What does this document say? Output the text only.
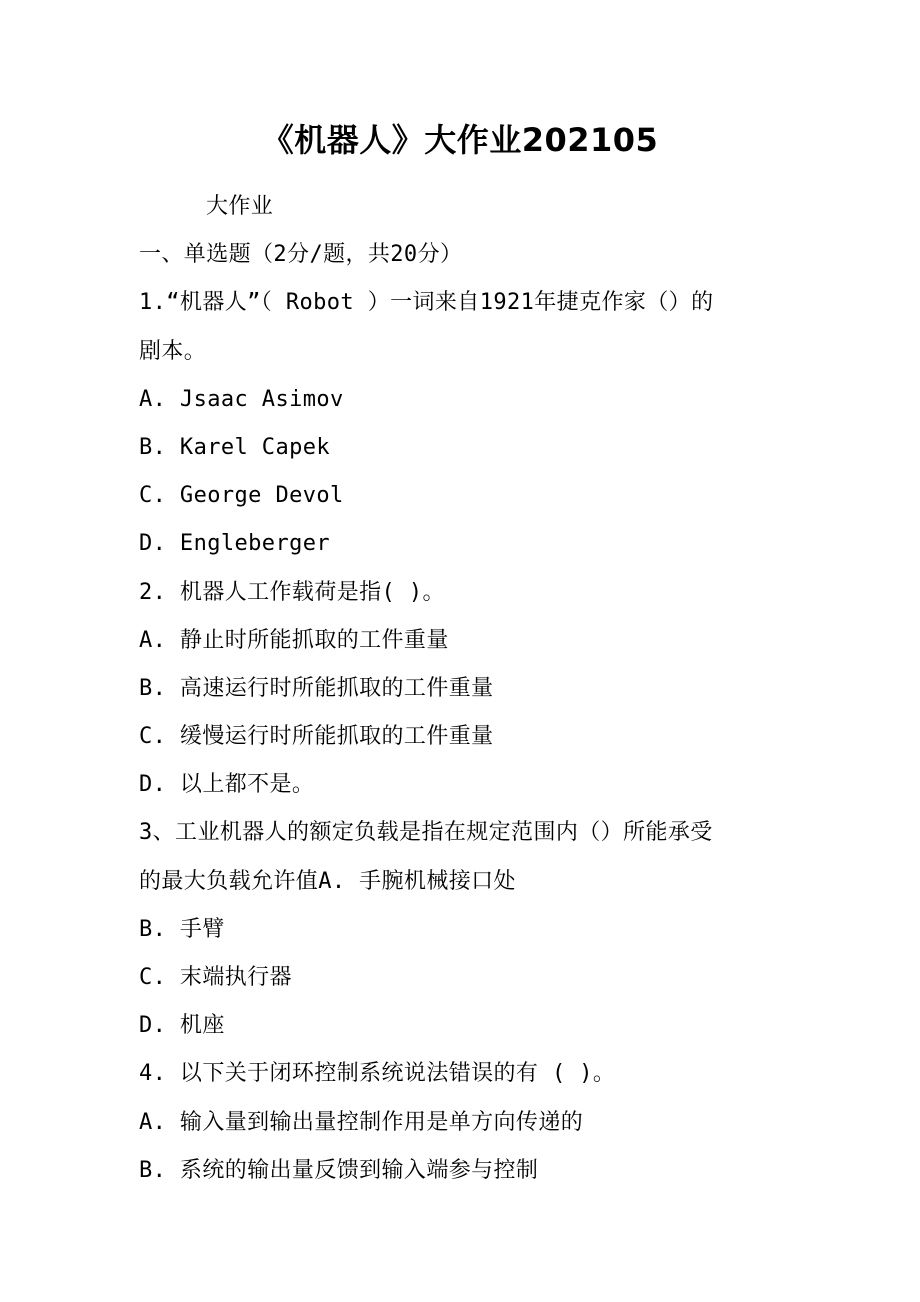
《机器人》大作业202105

大作业

一、单选题（2分/题，共20分）

1.“机器人”（ Robot ）一词来自1921年捷克作家（）的

剧本。

A. Jsaac Asimov

B. Karel Capek

C. George Devol

D. Engleberger

2. 机器人工作载荷是指( )。

A. 静止时所能抓取的工件重量

B. 高速运行时所能抓取的工件重量

C. 缓慢运行时所能抓取的工件重量

D. 以上都不是。

3、工业机器人的额定负载是指在规定范围内（）所能承受

的最大负载允许值A. 手腕机械接口处

B. 手臂

C. 末端执行器

D. 机座

4. 以下关于闭环控制系统说法错误的有 ( )。

A. 输入量到输出量控制作用是单方向传递的

B. 系统的输出量反馈到输入端参与控制
